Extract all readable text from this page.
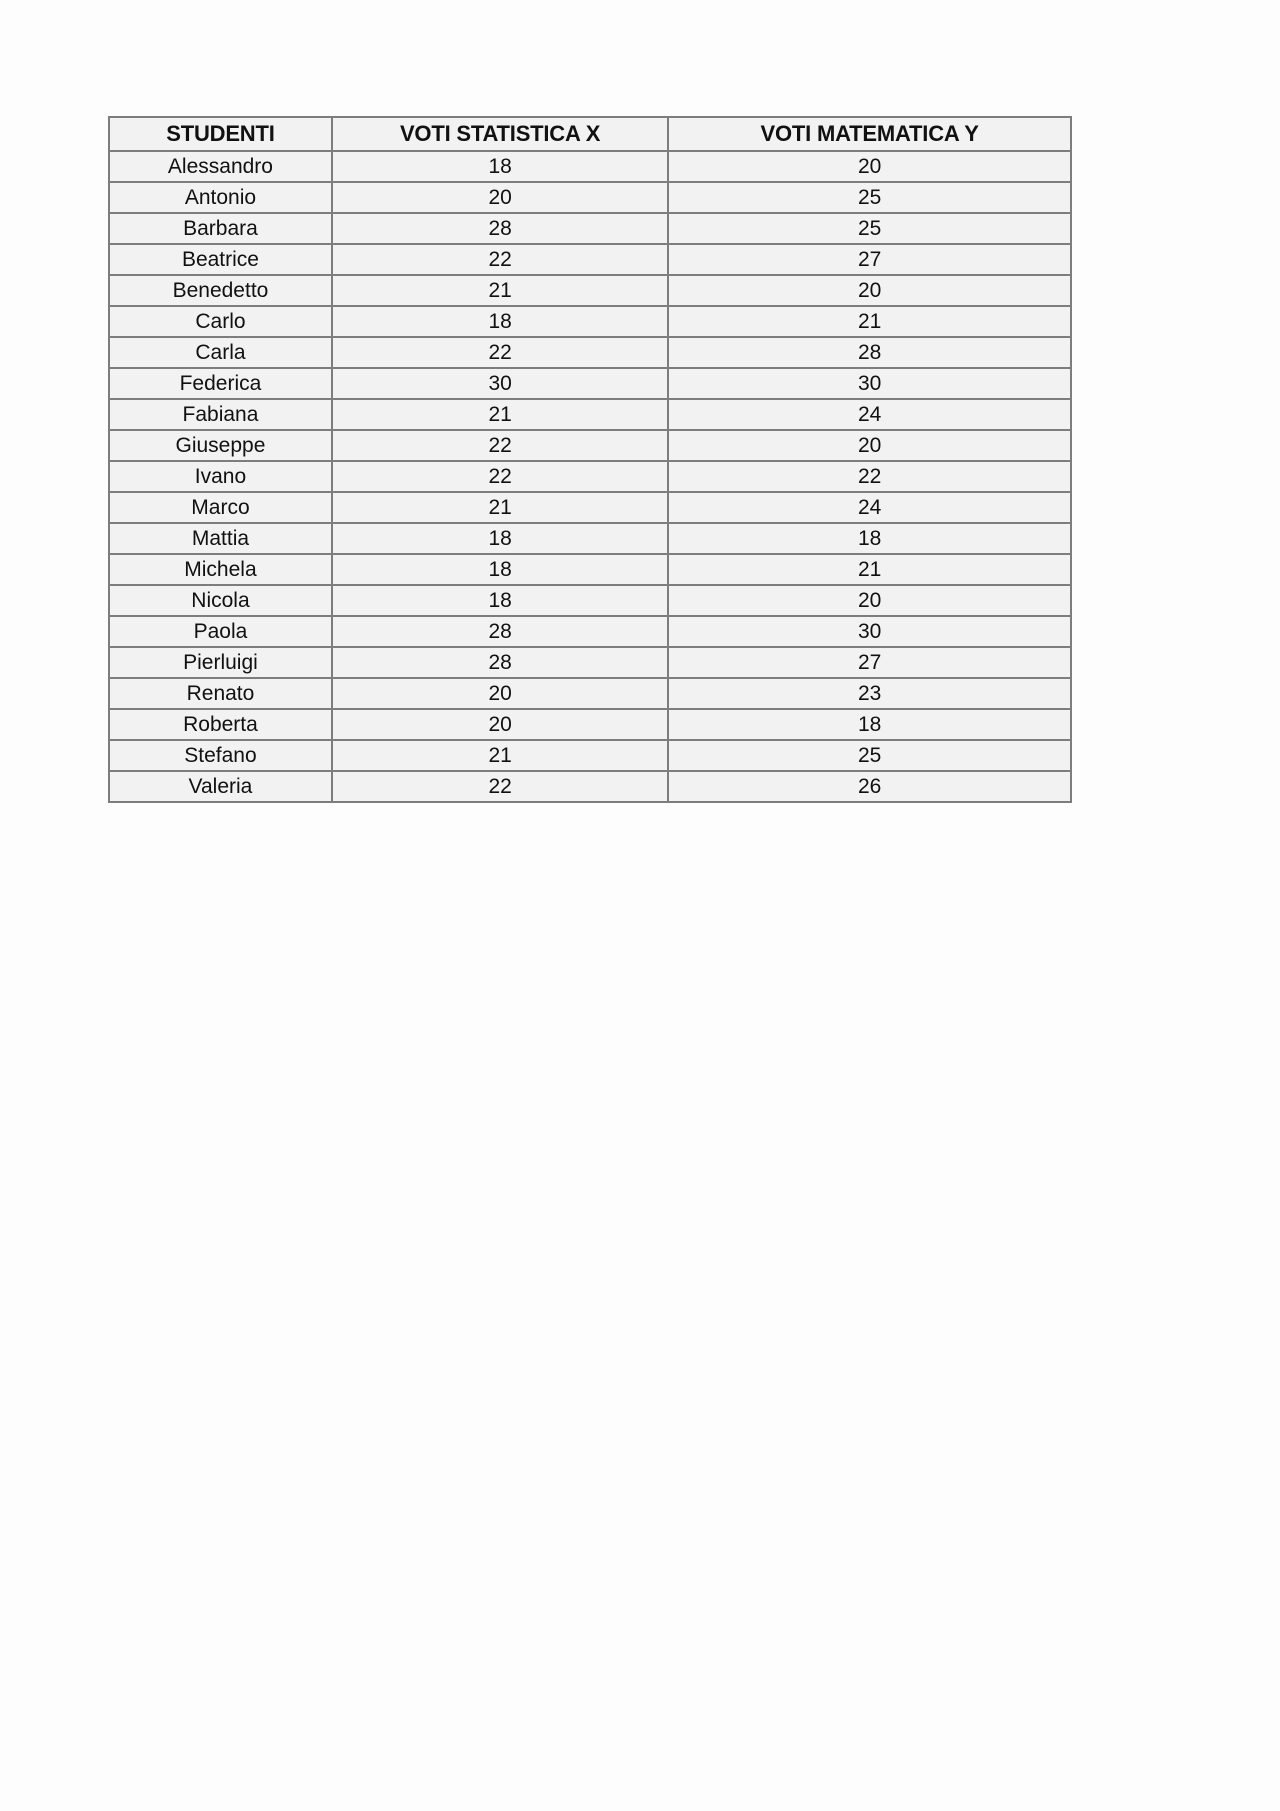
STUDENTI	VOTI STATISTICA X	VOTI MATEMATICA Y
Alessandro	18	20
Antonio	20	25
Barbara	28	25
Beatrice	22	27
Benedetto	21	20
Carlo	18	21
Carla	22	28
Federica	30	30
Fabiana	21	24
Giuseppe	22	20
Ivano	22	22
Marco	21	24
Mattia	18	18
Michela	18	21
Nicola	18	20
Paola	28	30
Pierluigi	28	27
Renato	20	23
Roberta	20	18
Stefano	21	25
Valeria	22	26
